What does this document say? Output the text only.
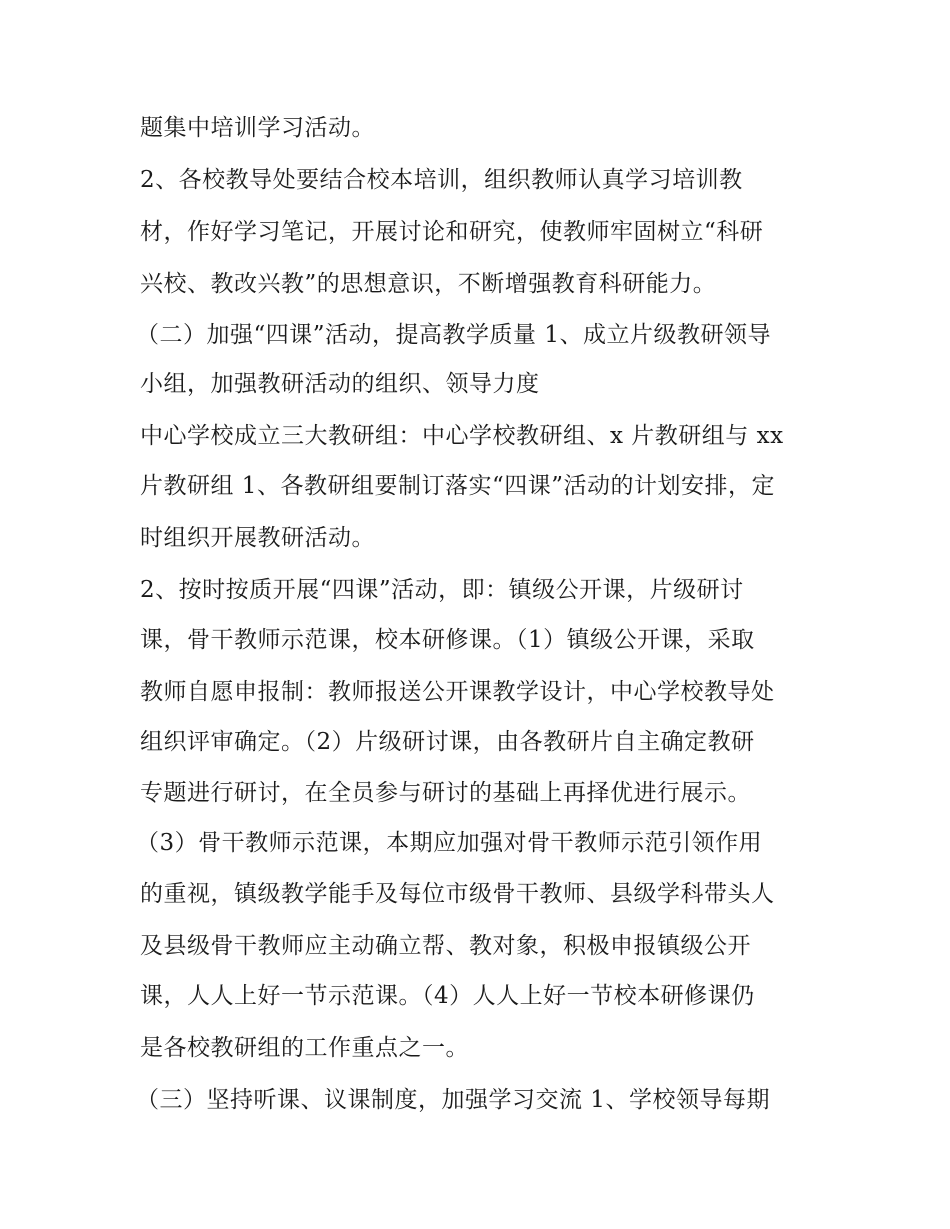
题集中培训学习活动。
2、各校教导处要结合校本培训，组织教师认真学习培训教
材，作好学习笔记，开展讨论和研究，使教师牢固树立“科研
兴校、教改兴教”的思想意识，不断增强教育科研能力。
（二）加强“四课”活动，提高教学质量 1、成立片级教研领导
小组，加强教研活动的组织、领导力度
中心学校成立三大教研组：中心学校教研组、x 片教研组与 xx
片教研组 1、各教研组要制订落实“四课”活动的计划安排，定
时组织开展教研活动。
2、按时按质开展“四课”活动，即：镇级公开课，片级研讨
课，骨干教师示范课，校本研修课。（1）镇级公开课，采取
教师自愿申报制：教师报送公开课教学设计，中心学校教导处
组织评审确定。（2）片级研讨课，由各教研片自主确定教研
专题进行研讨，在全员参与研讨的基础上再择优进行展示。
（3）骨干教师示范课，本期应加强对骨干教师示范引领作用
的重视，镇级教学能手及每位市级骨干教师、县级学科带头人
及县级骨干教师应主动确立帮、教对象，积极申报镇级公开
课，人人上好一节示范课。（4）人人上好一节校本研修课仍
是各校教研组的工作重点之一。
（三）坚持听课、议课制度，加强学习交流 1、学校领导每期
